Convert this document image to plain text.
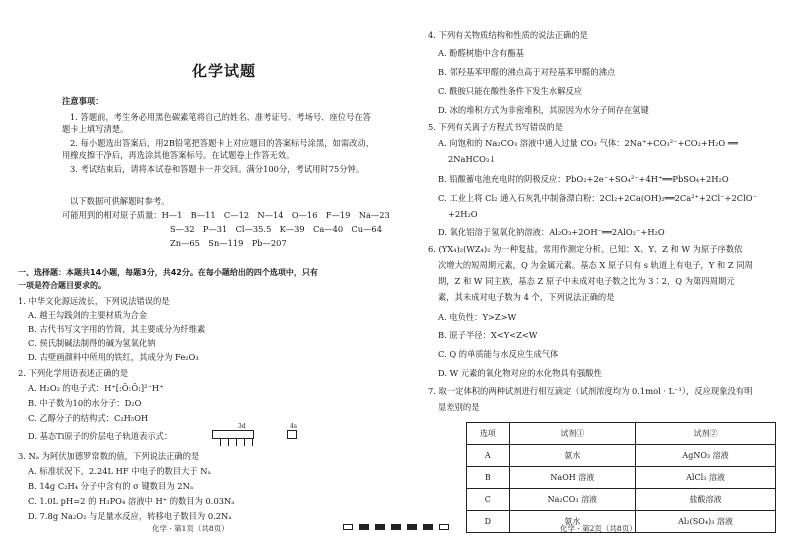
化学试题
注意事项：
1. 答题前，考生务必用黑色碳素笔将自己的姓名、准考证号、考场号、座位号在答
题卡上填写清楚。
2. 每小题选出答案后，用2B铅笔把答题卡上对应题目的答案标号涂黑，如需改动，
用橡皮擦干净后，再选涂其他答案标号。在试题卷上作答无效。
3. 考试结束后，请将本试卷和答题卡一并交回。满分100分，考试用时75分钟。
以下数据可供解题时参考。
可能用到的相对原子质量：H—1　B—11　C—12　N—14　O—16　F—19　Na—23
S—32　P—31　Cl—35.5　K—39　Ca—40　Cu—64
Zn—65　Sn—119　Pb—207
一、选择题：本题共14小题，每题3分，共42分。在每小题给出的四个选项中，只有
一项是符合题目要求的。
1. 中华文化源远流长，下列说法错误的是
A. 越王勾践剑的主要材质为合金
B. 古代书写文字用的竹简，其主要成分为纤维素
C. 侯氏制碱法制得的碱为氢氧化钠
D. 古壁画颜料中所用的铁红，其成分为 Fe₂O₃
2. 下列化学用语表述正确的是
A. H₂O₂ 的电子式：H⁺[:Ö:Ö:]²⁻H⁺
B. 中子数为10的水分子：D₂O
C. 乙醇分子的结构式：C₂H₅OH
D. 基态Ti原子的价层电子轨道表示式：
3d	4s
3. Nₐ 为阿伏加德罗常数的值，下列说法正确的是
A. 标准状况下，2.24L HF 中电子的数目大于 Nₐ
B. 14g C₂H₄ 分子中含有的 σ 键数目为 2Nₐ
C. 1.0L pH=2 的 H₃PO₄ 溶液中 H⁺ 的数目为 0.03Nₐ
D. 7.8g Na₂O₂ 与足量水反应，转移电子数目为 0.2Nₐ
化学 · 第1页（共8页）
4. 下列有关物质结构和性质的说法正确的是
A. 酚醛树脂中含有酯基
B. 邻羟基苯甲醛的沸点高于对羟基苯甲醛的沸点
C. 酰胺只能在酸性条件下发生水解反应
D. 冰的堆积方式为非密堆积，其原因为水分子间存在氢键
5. 下列有关离子方程式书写错误的是
A. 向饱和的 Na₂CO₃ 溶液中通入过量 CO₂ 气体：2Na⁺+CO₃²⁻+CO₂+H₂O ══
2NaHCO₃↓
B. 铅酸蓄电池充电时的阴极反应：PbO₂+2e⁻+SO₄²⁻+4H⁺══PbSO₄+2H₂O
C. 工业上将 Cl₂ 通入石灰乳中制备漂白粉：2Cl₂+2Ca(OH)₂══2Ca²⁺+2Cl⁻+2ClO⁻
+2H₂O
D. 氧化铝溶于氢氧化钠溶液：Al₂O₃+2OH⁻══2AlO₂⁻+H₂O
6. (YX₄)₂(WZ₄)₂ 为一种复盐，常用作测定分析。已知：X、Y、Z 和 W 为原子序数依
次增大的短周期元素，Q 为金属元素。基态 X 原子只有 s 轨道上有电子，Y 和 Z 同周
期，Z 和 W 同主族，基态 Z 原子中未成对电子数之比为 3∶2，Q 为第四周期元
素，其未成对电子数为 4 个，下列说法正确的是
A. 电负性：Y>Z>W
B. 原子半径：X<Y<Z<W
C. Q 的单质能与水反应生成气体
D. W 元素的氧化物对应的水化物具有强酸性
7. 取一定体积的两种试剂进行相互滴定（试剂浓度均为 0.1mol · L⁻¹），反应现象没有明
显差别的是
化学 · 第2页（共8页）
选项	试剂①	试剂②
A	氨水	AgNO₃ 溶液
B	NaOH 溶液	AlCl₃ 溶液
C	Na₂CO₃ 溶液	盐酸溶液
D	氨水	Al₂(SO₄)₃ 溶液
